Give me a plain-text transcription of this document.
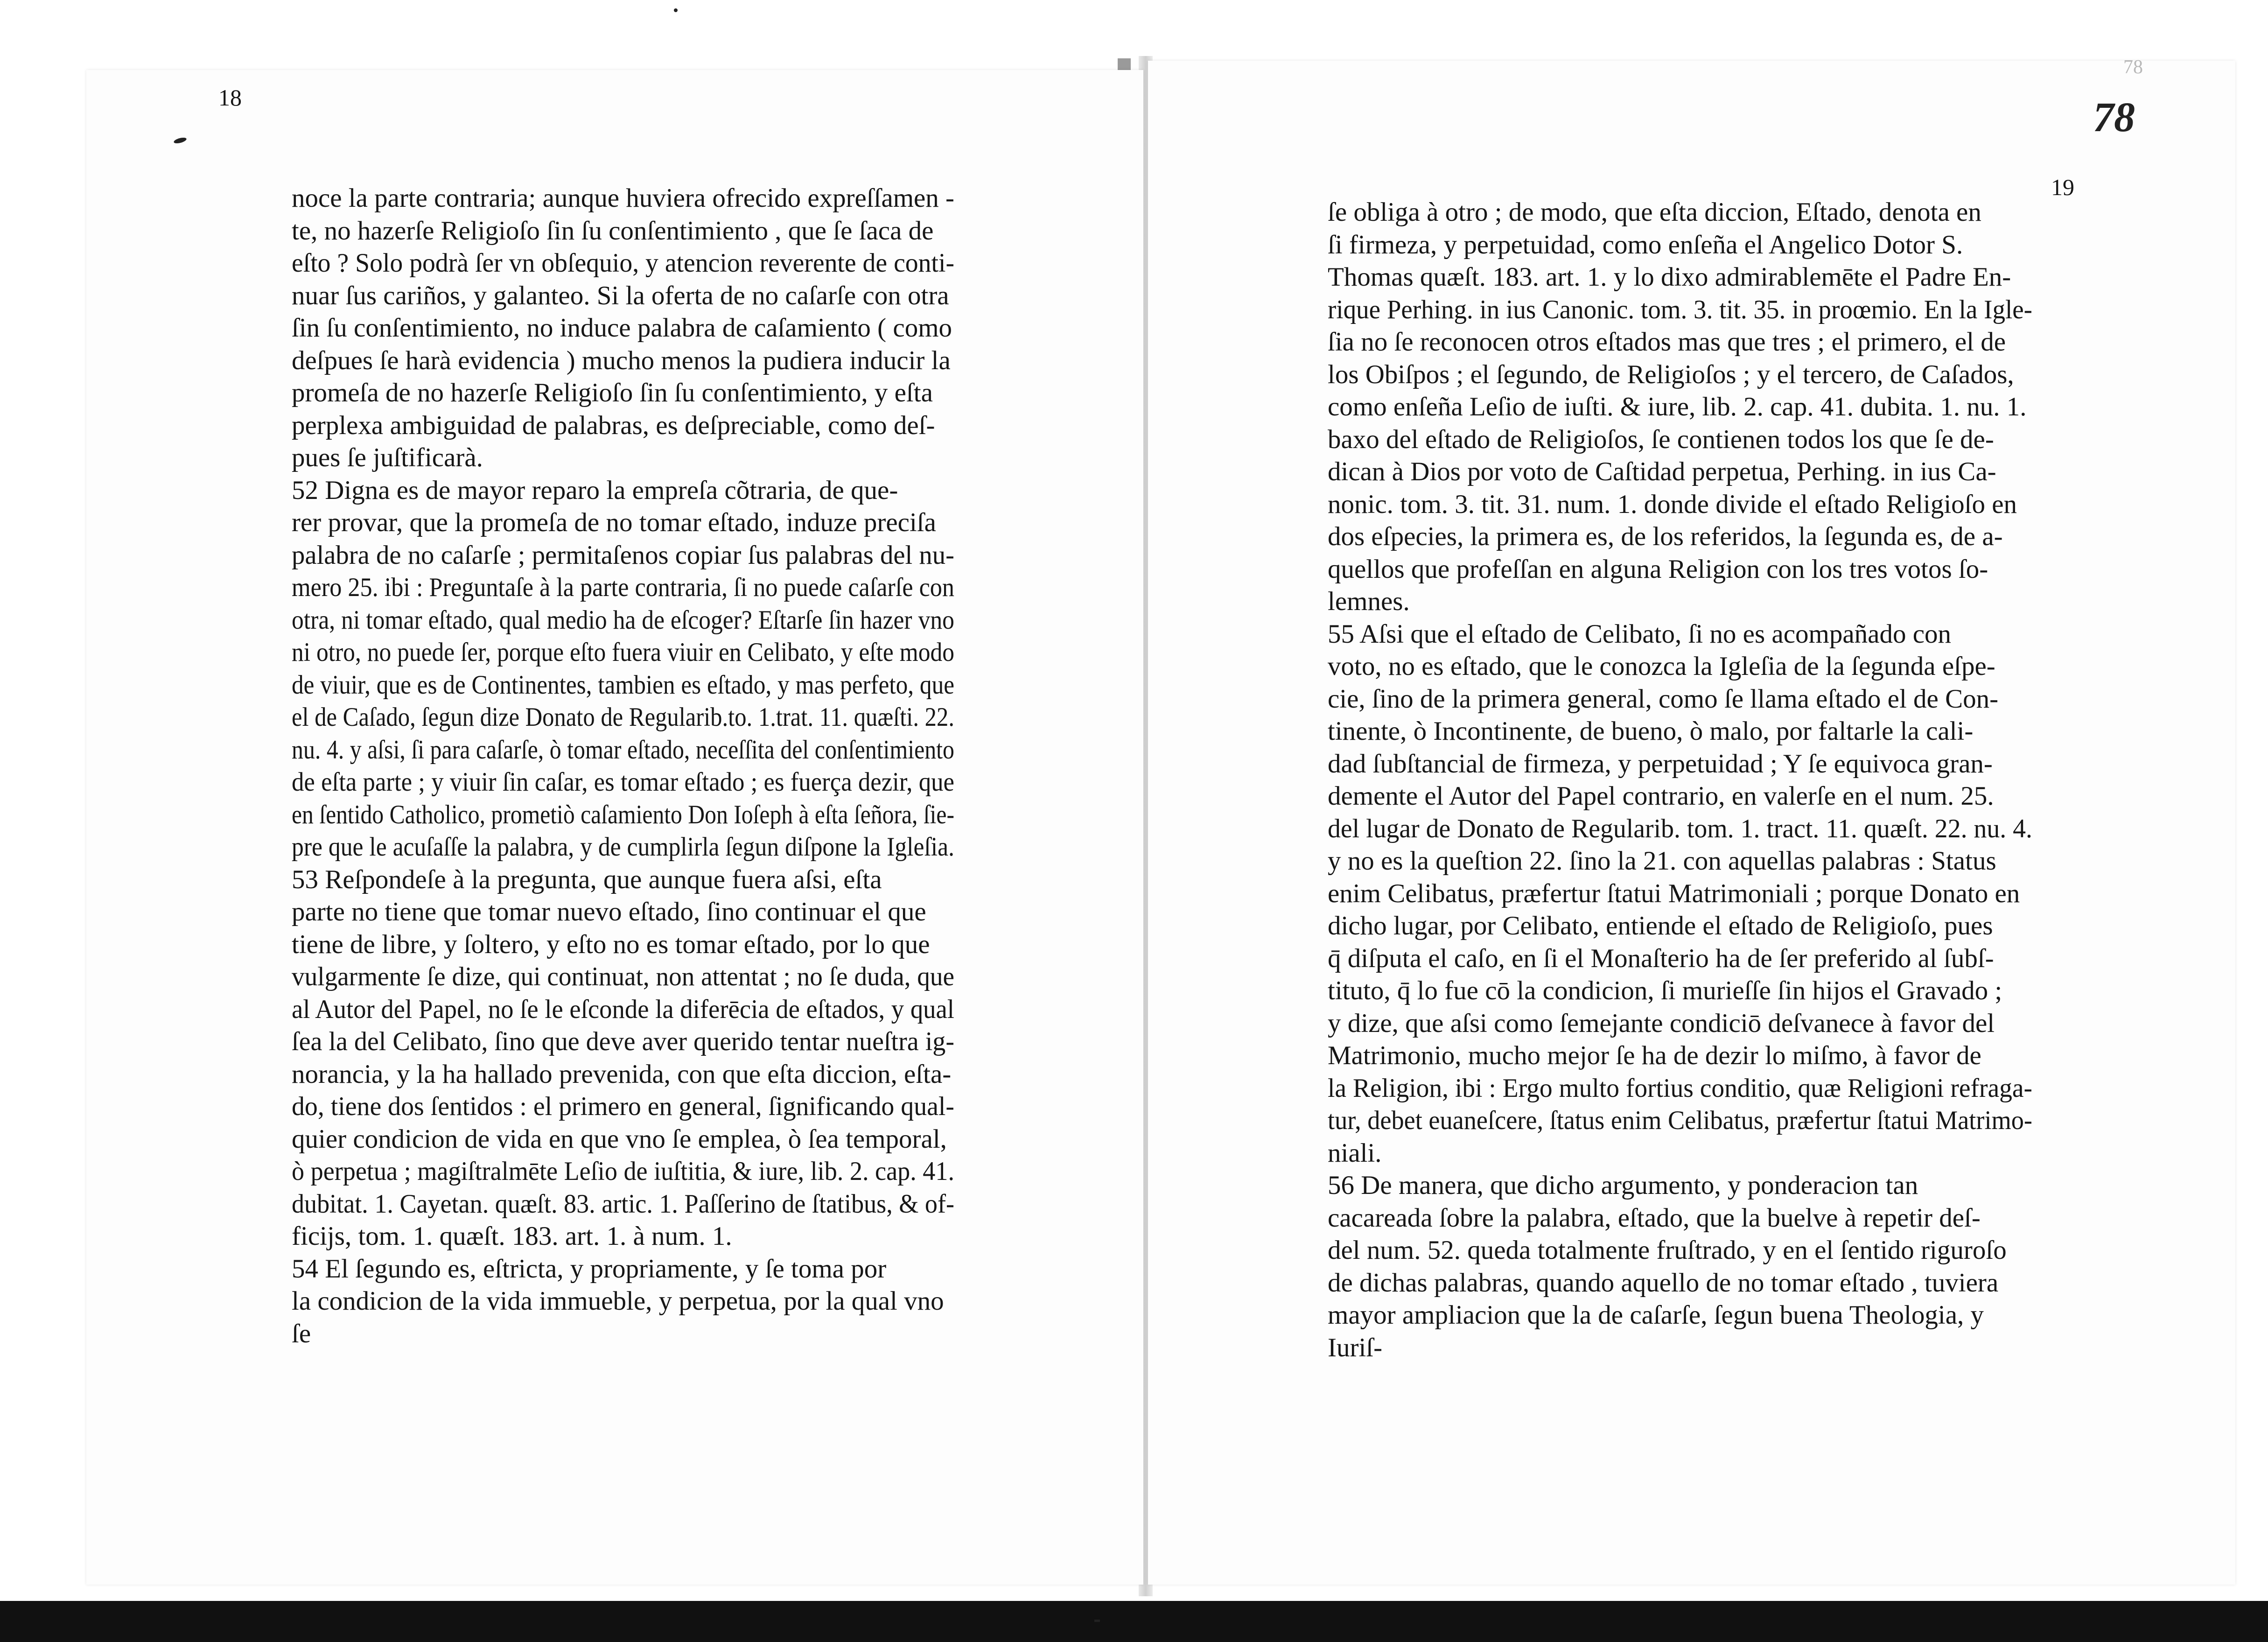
18
19
78
78
noce la parte contraria; aunque huviera ofrecido expreſſamen -
te, no hazerſe Religioſo ſin ſu conſentimiento , que ſe ſaca de
eſto ? Solo podrà ſer vn obſequio, y atencion reverente de conti-
nuar ſus cariños, y galanteo. Si la oferta de no caſarſe con otra
ſin ſu conſentimiento, no induce palabra de caſamiento ( como
deſpues ſe harà evidencia ) mucho menos la pudiera inducir la
promeſa de no hazerſe Religioſo ſin ſu conſentimiento, y eſta
perplexa ambiguidad de palabras, es deſpreciable, como deſ-
pues ſe juſtificarà.
52 Digna es de mayor reparo la empreſa cõtraria, de que-
rer provar, que la promeſa de no tomar eſtado, induze preciſa
palabra de no caſarſe ; permitaſenos copiar ſus palabras del nu-
mero 25. ibi : Preguntaſe à la parte contraria, ſi no puede caſarſe con
otra, ni tomar eſtado, qual medio ha de eſcoger? Eſtarſe ſin hazer vno
ni otro, no puede ſer, porque eſto fuera viuir en Celibato, y eſte modo
de viuir, que es de Continentes, tambien es eſtado, y mas perfeto, que
el de Caſado, ſegun dize Donato de Regularib.to. 1.trat. 11. quæſti. 22.
nu. 4. y aſsi, ſi para caſarſe, ò tomar eſtado, neceſſita del conſentimiento
de eſta parte ; y viuir ſin caſar, es tomar eſtado ; es fuerça dezir, que
en ſentido Catholico, prometiò caſamiento Don Ioſeph à eſta ſeñora, ſie-
pre que le acuſaſſe la palabra, y de cumplirla ſegun diſpone la Igleſia.
53 Reſpondeſe à la pregunta, que aunque fuera aſsi, eſta
parte no tiene que tomar nuevo eſtado, ſino continuar el que
tiene de libre, y ſoltero, y eſto no es tomar eſtado, por lo que
vulgarmente ſe dize, qui continuat, non attentat ; no ſe duda, que
al Autor del Papel, no ſe le eſconde la diferēcia de eſtados, y qual
ſea la del Celibato, ſino que deve aver querido tentar nueſtra ig-
norancia, y la ha hallado prevenida, con que eſta diccion, eſta-
do, tiene dos ſentidos : el primero en general, ſignificando qual-
quier condicion de vida en que vno ſe emplea, ò ſea temporal,
ò perpetua ; magiſtralmēte Leſio de iuſtitia, & iure, lib. 2. cap. 41.
dubitat. 1. Cayetan. quæſt. 83. artic. 1. Paſſerino de ſtatibus, & of-
ficijs, tom. 1. quæſt. 183. art. 1. à num. 1.
54 El ſegundo es, eſtricta, y propriamente, y ſe toma por
la condicion de la vida immueble, y perpetua, por la qual vno
ſe
ſe obliga à otro ; de modo, que eſta diccion, Eſtado, denota en
ſi firmeza, y perpetuidad, como enſeña el Angelico Dotor S.
Thomas quæſt. 183. art. 1. y lo dixo admirablemēte el Padre En-
rique Perhing. in ius Canonic. tom. 3. tit. 35. in proœmio. En la Igle-
ſia no ſe reconocen otros eſtados mas que tres ; el primero, el de
los Obiſpos ; el ſegundo, de Religioſos ; y el tercero, de Caſados,
como enſeña Leſio de iuſti. & iure, lib. 2. cap. 41. dubita. 1. nu. 1.
baxo del eſtado de Religioſos, ſe contienen todos los que ſe de-
dican à Dios por voto de Caſtidad perpetua, Perhing. in ius Ca-
nonic. tom. 3. tit. 31. num. 1. donde divide el eſtado Religioſo en
dos eſpecies, la primera es, de los referidos, la ſegunda es, de a-
quellos que profeſſan en alguna Religion con los tres votos ſo-
lemnes.
55 Aſsi que el eſtado de Celibato, ſi no es acompañado con
voto, no es eſtado, que le conozca la Igleſia de la ſegunda eſpe-
cie, ſino de la primera general, como ſe llama eſtado el de Con-
tinente, ò Incontinente, de bueno, ò malo, por faltarle la cali-
dad ſubſtancial de firmeza, y perpetuidad ; Y ſe equivoca gran-
demente el Autor del Papel contrario, en valerſe en el num. 25.
del lugar de Donato de Regularib. tom. 1. tract. 11. quæſt. 22. nu. 4.
y no es la queſtion 22. ſino la 21. con aquellas palabras : Status
enim Celibatus, præfertur ſtatui Matrimoniali ; porque Donato en
dicho lugar, por Celibato, entiende el eſtado de Religioſo, pues
q̄ diſputa el caſo, en ſi el Monaſterio ha de ſer preferido al ſubſ-
tituto, q̄ lo fue cō la condicion, ſi murieſſe ſin hijos el Gravado ;
y dize, que aſsi como ſemejante condiciō deſvanece à favor del
Matrimonio, mucho mejor ſe ha de dezir lo miſmo, à favor de
la Religion, ibi : Ergo multo fortius conditio, quæ Religioni refraga-
tur, debet euaneſcere, ſtatus enim Celibatus, præfertur ſtatui Matrimo-
niali.
56 De manera, que dicho argumento, y ponderacion tan
cacareada ſobre la palabra, eſtado, que la buelve à repetir deſ-
del num. 52. queda totalmente fruſtrado, y en el ſentido riguroſo
de dichas palabras, quando aquello de no tomar eſtado , tuviera
mayor ampliacion que la de caſarſe, ſegun buena Theologia, y
Iuriſ-
